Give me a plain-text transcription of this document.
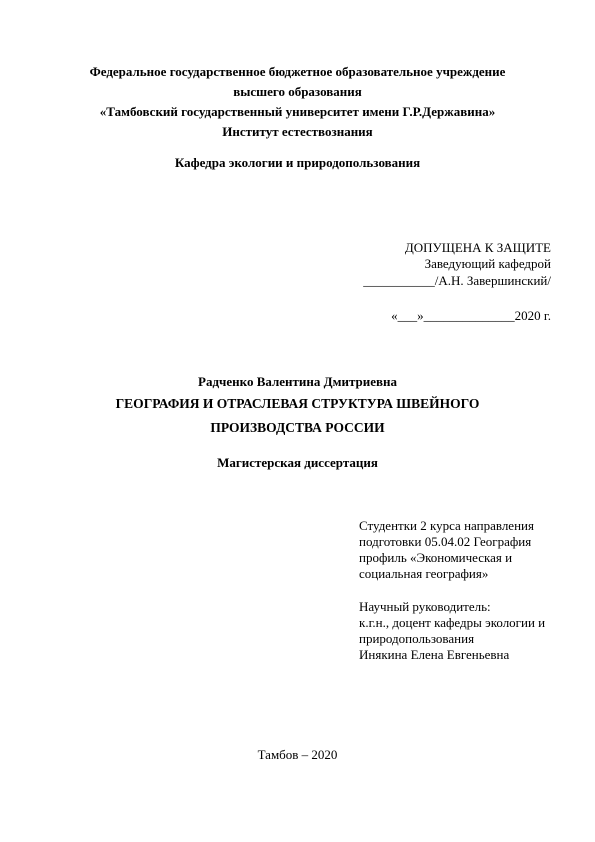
Федеральное государственное бюджетное образовательное учреждение
высшего образования
«Тамбовский государственный университет имени Г.Р.Державина»
Институт естествознания
Кафедра экологии и природопользования
ДОПУЩЕНА К ЗАЩИТЕ
Заведующий кафедрой
___________/А.Н. Завершинский/
«___»______________2020 г.
Радченко Валентина Дмитриевна
ГЕОГРАФИЯ И ОТРАСЛЕВАЯ СТРУКТУРА ШВЕЙНОГО
ПРОИЗВОДСТВА РОССИИ
Магистерская диссертация
Студентки 2 курса направления
подготовки 05.04.02 География
профиль «Экономическая и
социальная география»
Научный руководитель:
к.г.н., доцент кафедры экологии и
природопользования
Инякина Елена Евгеньевна
Тамбов – 2020
